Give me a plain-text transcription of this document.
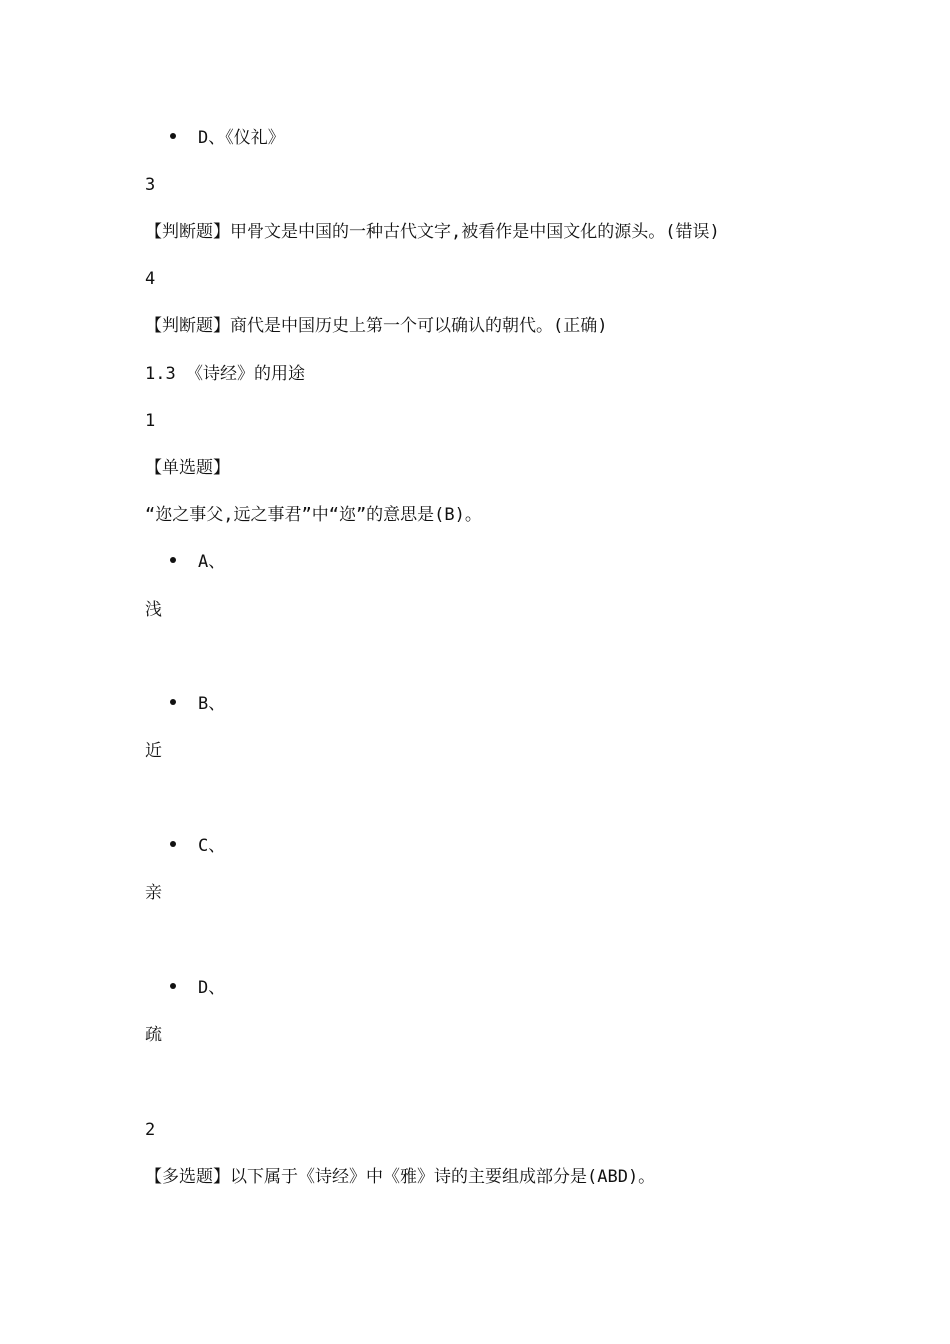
D、《仪礼》
3
【判断题】甲骨文是中国的一种古代文字,被看作是中国文化的源头。(错误)
4
【判断题】商代是中国历史上第一个可以确认的朝代。(正确)
1.3 《诗经》的用途
1
【单选题】
“迩之事父,远之事君”中“迩”的意思是(B)。
A、
浅
B、
近
C、
亲
D、
疏
2
【多选题】以下属于《诗经》中《雅》诗的主要组成部分是(ABD)。
